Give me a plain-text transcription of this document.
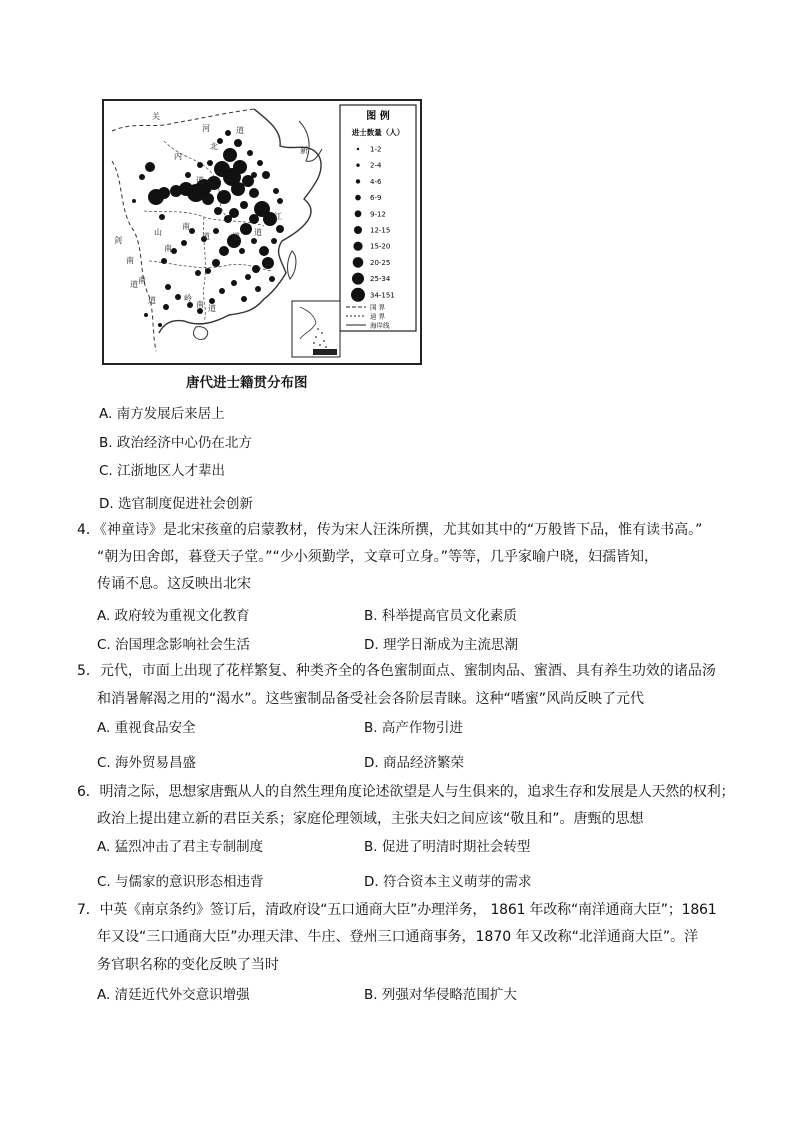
关
内
道
河
北
道
山
南
南
道
南
道
道
南
江
道
剑
南
道
岭
南 道
新
图 例
进士数量（人）
1-2
2-4
4-6
6-9
9-12
12-15
15-20
20-25
25-34
34-151
国 界
道 界
海岸线
唐代进士籍贯分布图
A. 南方发展后来居上
B. 政治经济中心仍在北方
C. 江浙地区人才辈出
D. 选官制度促进社会创新
4．《神童诗》是北宋孩童的启蒙教材，传为宋人汪洙所撰，尤其如其中的“万般皆下品，惟有读书高。”
“朝为田舍郎，暮登天子堂。”“少小须勤学，文章可立身。”等等，几乎家喻户晓，妇孺皆知，
传诵不息。这反映出北宋
A. 政府较为重视文化教育	B. 科举提高官员文化素质
C. 治国理念影响社会生活	D. 理学日渐成为主流思潮
5．元代，市面上出现了花样繁复、种类齐全的各色蜜制面点、蜜制肉品、蜜酒、具有养生功效的诸品汤
和消暑解渴之用的“渴水”。这些蜜制品备受社会各阶层青睐。这种“嗜蜜”风尚反映了元代
A. 重视食品安全	B. 高产作物引进
C. 海外贸易昌盛	D. 商品经济繁荣
6．明清之际，思想家唐甄从人的自然生理角度论述欲望是人与生俱来的，追求生存和发展是人天然的权利；
政治上提出建立新的君臣关系；家庭伦理领域，主张夫妇之间应该“敬且和”。唐甄的思想
A. 猛烈冲击了君主专制制度	B. 促进了明清时期社会转型
C. 与儒家的意识形态相违背	D. 符合资本主义萌芽的需求
7．中英《南京条约》签订后，清政府设“五口通商大臣”办理洋务， 1861 年改称“南洋通商大臣”；1861
年又设“三口通商大臣”办理天津、牛庄、登州三口通商事务，1870 年又改称“北洋通商大臣”。洋
务官职名称的变化反映了当时
A. 清廷近代外交意识增强	B. 列强对华侵略范围扩大
